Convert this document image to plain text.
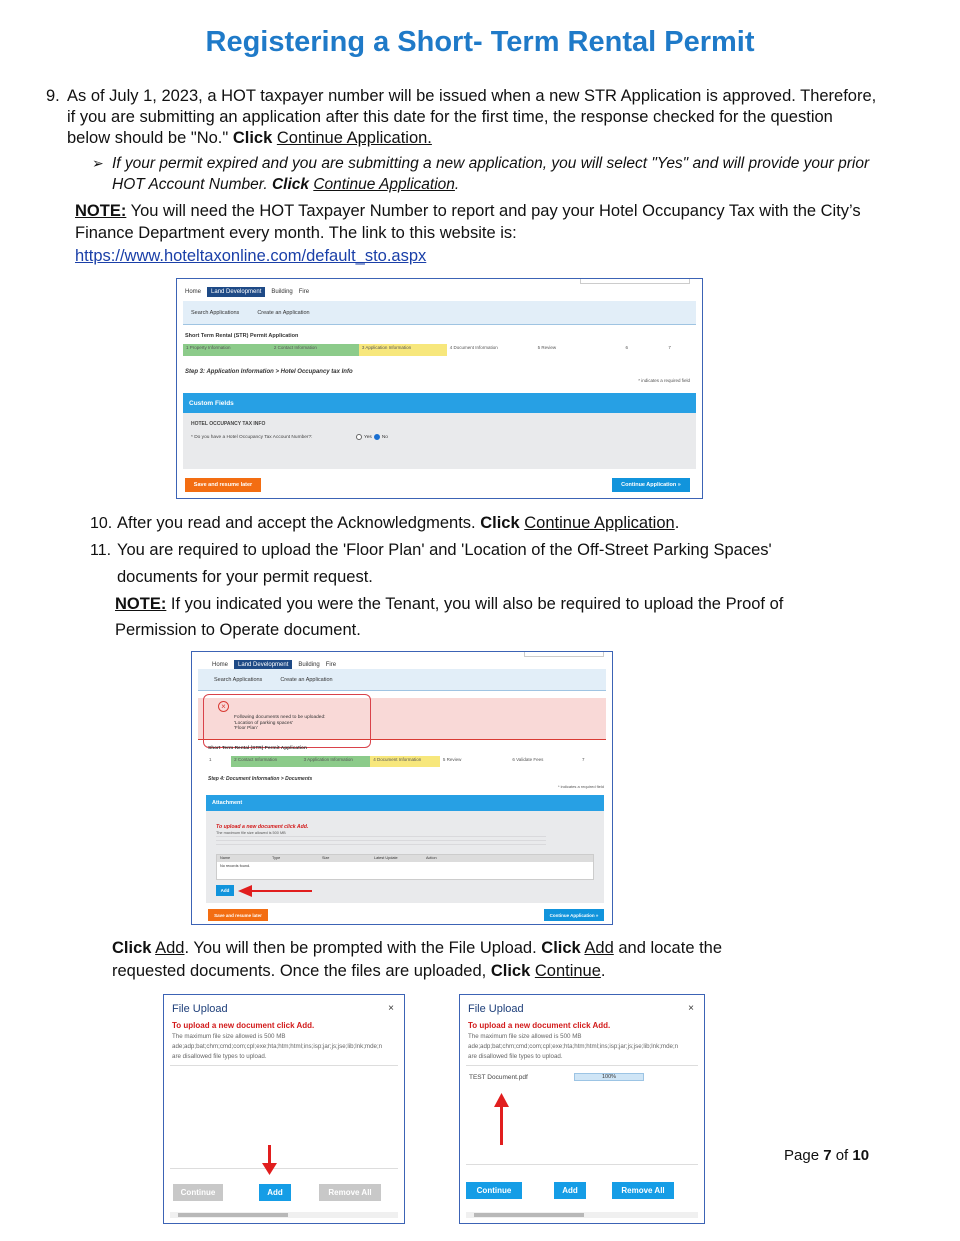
Registering a Short- Term Rental Permit
9. As of July 1, 2023, a HOT taxpayer number will be issued when a new STR Application is approved. Therefore,
if you are submitting an application after this date for the first time, the response checked for the question
below should be "No." Click Continue Application.
➢ If your permit expired and you are submitting a new application, you will select "Yes" and will provide your prior
HOT Account Number. Click Continue Application.
NOTE: You will need the HOT Taxpayer Number to report and pay your Hotel Occupancy Tax with the City’s
Finance Department every month. The link to this website is:
https://www.hoteltaxonline.com/default_sto.aspx
Home	Land Development	Building Fire
Search Applications	Create an Application
Short Term Rental (STR) Permit Application
1 Property Information	2 Contact Information	3 Application Information	4 Document Information	5 Review	6	7
Step 3: Application Information > Hotel Occupancy tax Info
* indicates a required field
Custom Fields
HOTEL OCCUPANCY TAX INFO
* Do you have a Hotel Occupancy Tax Account Number?:	Yes No
Save and resume later	Continue Application »
10. After you read and accept the Acknowledgments. Click Continue Application.
11. You are required to upload the 'Floor Plan' and 'Location of the Off-Street Parking Spaces'
documents for your permit request.
NOTE: If you indicated you were the Tenant, you will also be required to upload the Proof of
Permission to Operate document.
Home	Land Development	Building Fire
Search Applications	Create an Application
×
Following documents need to be uploaded:
'Location of parking spaces'
'Floor Plan'
Short Term Rental (STR) Permit Application
1	2 Contact Information	3 Application Information	4 Document Information	5 Review	6 Validate Fees	7
Step 4: Document Information > Documents
* indicates a required field
Attachment
To upload a new document click Add.
The maximum file size allowed is 500 MB
Name	Type	Size	Latest Update	Action
No records found.
Add
Save and resume later	Continue Application »
Click Add. You will then be prompted with the File Upload. Click Add and locate the
requested documents. Once the files are uploaded, Click Continue.
File Upload	×
To upload a new document click Add.
The maximum file size allowed is 500 MB
ade;adp;bat;chm;cmd;com;cpl;exe;hta;htm;html;ins;isp;jar;js;jse;lib;lnk;mde;n
are disallowed file types to upload.
Continue	Add	Remove All
File Upload	×
To upload a new document click Add.
The maximum file size allowed is 500 MB
ade;adp;bat;chm;cmd;com;cpl;exe;hta;htm;html;ins;isp;jar;js;jse;lib;lnk;mde;n
are disallowed file types to upload.
TEST Document.pdf	100%
Continue	Add	Remove All
Page 7 of 10
